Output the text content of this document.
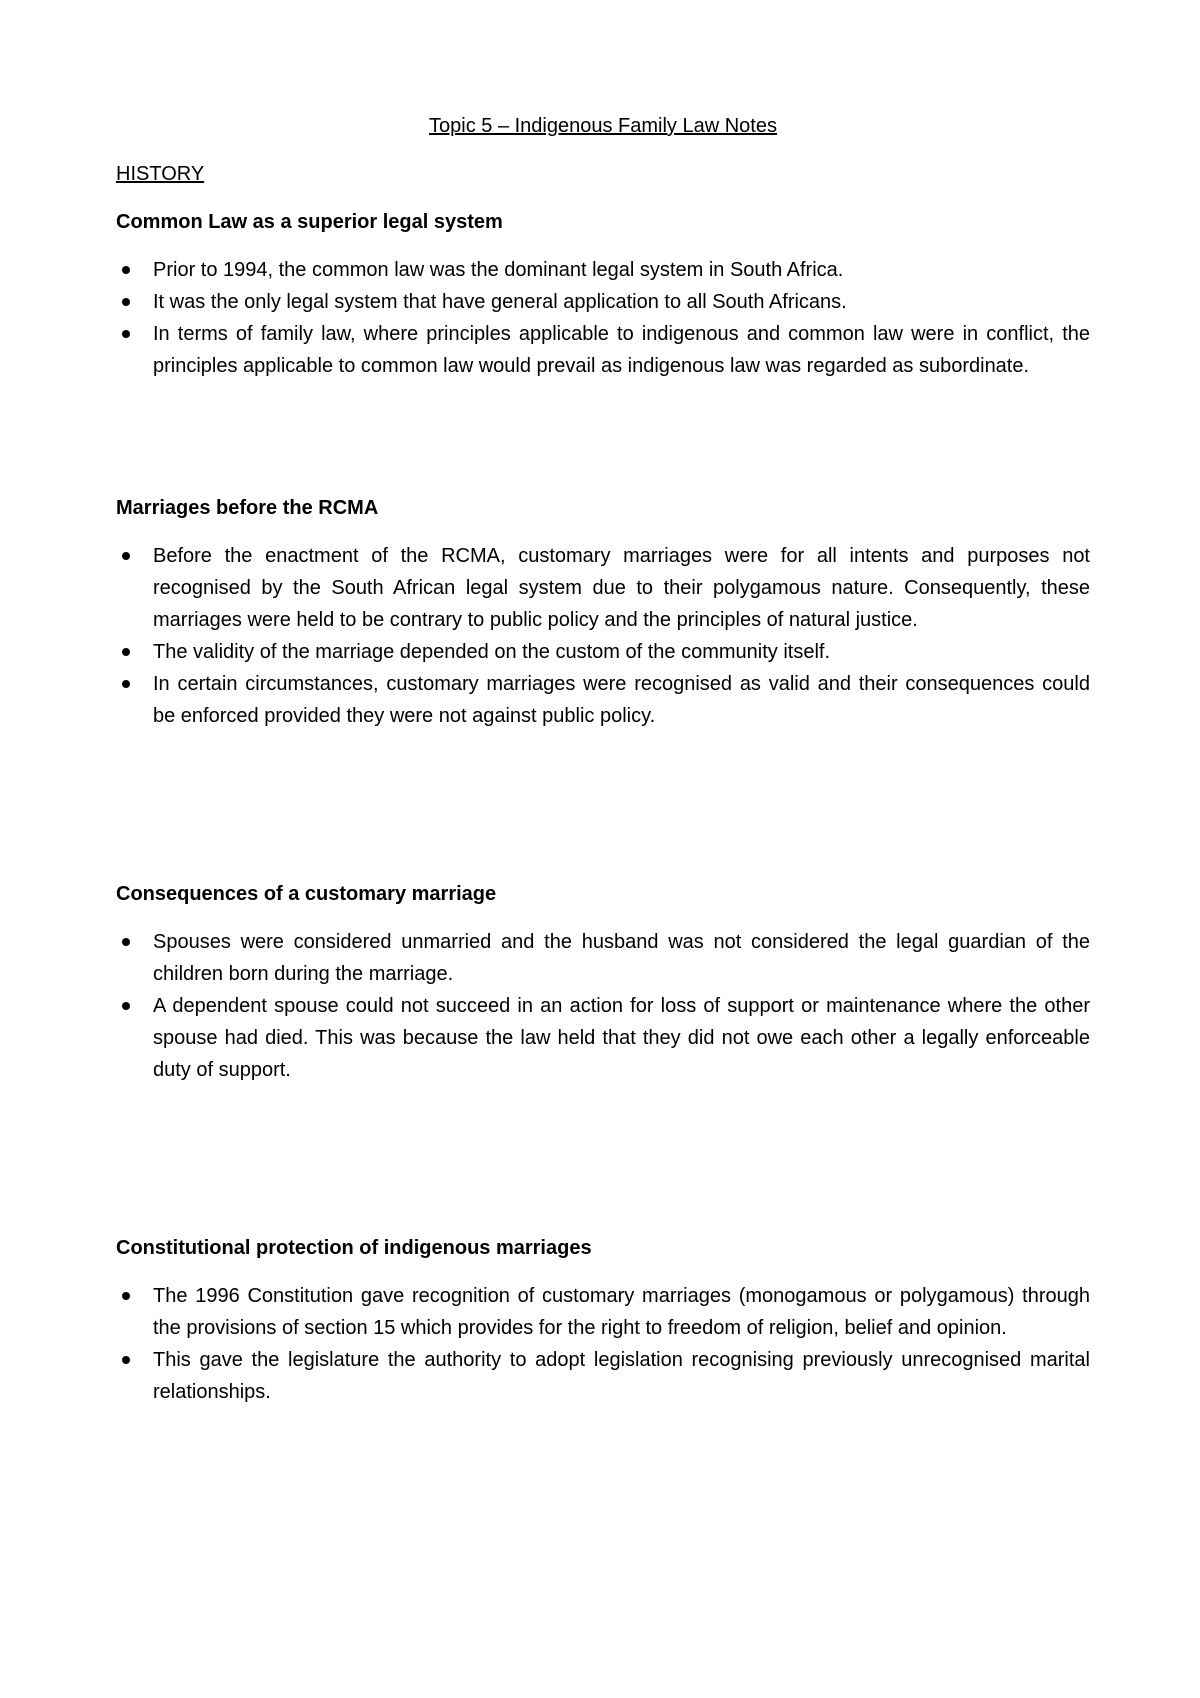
Topic 5 – Indigenous Family Law Notes
HISTORY
Common Law as a superior legal system
Prior to 1994, the common law was the dominant legal system in South Africa.
It was the only legal system that have general application to all South Africans.
In terms of family law, where principles applicable to indigenous and common law were in conflict, the principles applicable to common law would prevail as indigenous law was regarded as subordinate.
Marriages before the RCMA
Before the enactment of the RCMA, customary marriages were for all intents and purposes not recognised by the South African legal system due to their polygamous nature. Consequently, these marriages were held to be contrary to public policy and the principles of natural justice.
The validity of the marriage depended on the custom of the community itself.
In certain circumstances, customary marriages were recognised as valid and their consequences could be enforced provided they were not against public policy.
Consequences of a customary marriage
Spouses were considered unmarried and the husband was not considered the legal guardian of the children born during the marriage.
A dependent spouse could not succeed in an action for loss of support or maintenance where the other spouse had died. This was because the law held that they did not owe each other a legally enforceable duty of support.
Constitutional protection of indigenous marriages
The 1996 Constitution gave recognition of customary marriages (monogamous or polygamous) through the provisions of section 15 which provides for the right to freedom of religion, belief and opinion.
This gave the legislature the authority to adopt legislation recognising previously unrecognised marital relationships.
